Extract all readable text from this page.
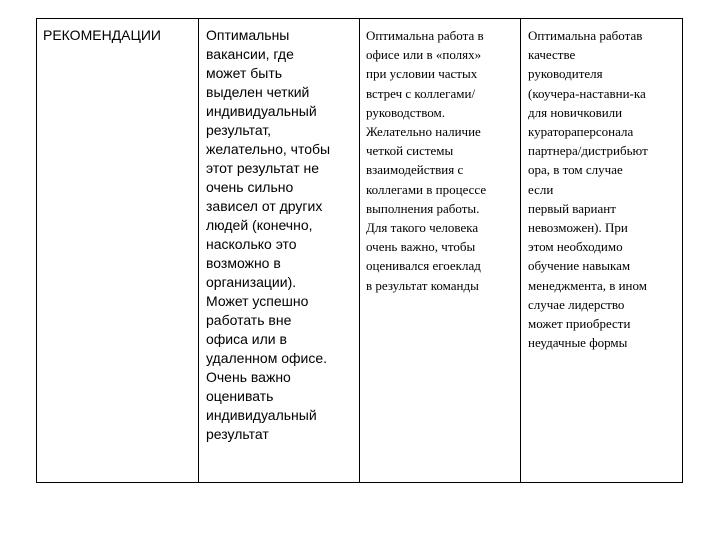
РЕКОМЕНДАЦИИ	Оптимальны
вакансии, где
может быть
выделен четкий
индивидуальный
результат,
желательно, чтобы
этот результат не
очень сильно
зависел от других
людей (конечно,
насколько это
возможно в
организации).
Может успешно
работать вне
офиса или в
удаленном офисе.
Очень важно
оценивать
индивидуальный
результат
Оптимальна работа в
офисе или в «полях»
при условии частых
встреч с коллегами/
руководством.
Желательно наличие
четкой системы
взаимодействия с
коллегами в процессе
выполнения работы.
Для такого человека
очень важно, чтобы
оценивался егоеклад
в результат команды
Оптимальна работав
качестве
руководителя
(коучера-наставни-ка
для новичковили
куратораперсонала
партнера/дистрибьют
ора, в том случае
если
первый вариант
невозможен). При
этом необходимо
обучение навыкам
менеджмента, в ином
случае лидерство
может приобрести
неудачные формы
